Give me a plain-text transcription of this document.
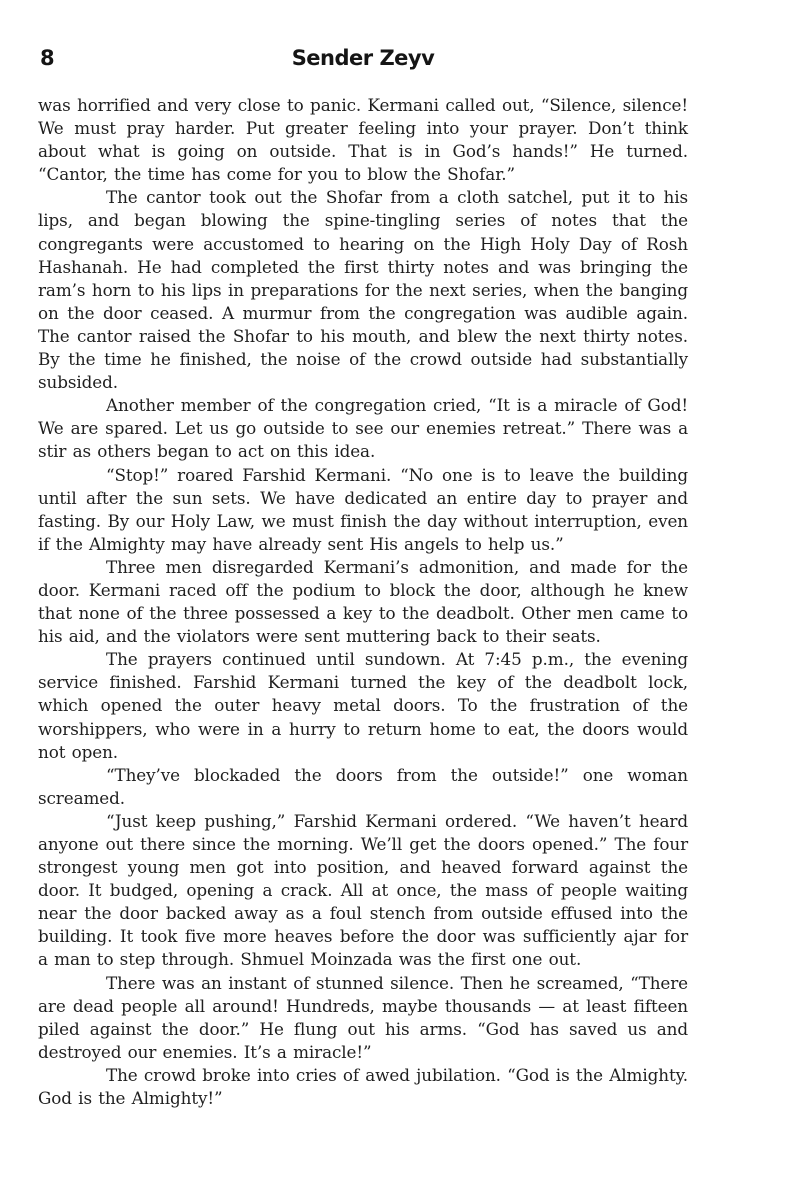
8	Sender Zeyv

was horrified and very close to panic. Kermani called out, “Silence, silence! We must pray harder. Put greater feeling into your prayer. Don’t think about what is going on outside. That is in God’s hands!” He turned. “Cantor, the time has come for you to blow the Shofar.”

The cantor took out the Shofar from a cloth satchel, put it to his lips, and began blowing the spine-tingling series of notes that the congregants were accustomed to hearing on the High Holy Day of Rosh Hashanah. He had completed the first thirty notes and was bringing the ram’s horn to his lips in preparations for the next series, when the banging on the door ceased. A murmur from the congregation was audible again. The cantor raised the Shofar to his mouth, and blew the next thirty notes. By the time he finished, the noise of the crowd outside had substantially subsided.

Another member of the congregation cried, “It is a miracle of God! We are spared. Let us go outside to see our enemies retreat.” There was a stir as others began to act on this idea.

“Stop!” roared Farshid Kermani. “No one is to leave the building until after the sun sets. We have dedicated an entire day to prayer and fasting. By our Holy Law, we must finish the day without interruption, even if the Almighty may have already sent His angels to help us.”

Three men disregarded Kermani’s admonition, and made for the door. Kermani raced off the podium to block the door, although he knew that none of the three possessed a key to the deadbolt. Other men came to his aid, and the violators were sent muttering back to their seats.

The prayers continued until sundown. At 7:45 p.m., the evening service finished. Farshid Kermani turned the key of the deadbolt lock, which opened the outer heavy metal doors. To the frustration of the worshippers, who were in a hurry to return home to eat, the doors would not open.

“They’ve blockaded the doors from the outside!” one woman screamed.

“Just keep pushing,” Farshid Kermani ordered. “We haven’t heard anyone out there since the morning. We’ll get the doors opened.” The four strongest young men got into position, and heaved forward against the door. It budged, opening a crack. All at once, the mass of people waiting near the door backed away as a foul stench from outside effused into the building. It took five more heaves before the door was sufficiently ajar for a man to step through. Shmuel Moinzada was the first one out.

There was an instant of stunned silence. Then he screamed, “There are dead people all around! Hundreds, maybe thousands — at least fifteen piled against the door.” He flung out his arms. “God has saved us and destroyed our enemies. It’s a miracle!”

The crowd broke into cries of awed jubilation. “God is the Almighty. God is the Almighty!”
